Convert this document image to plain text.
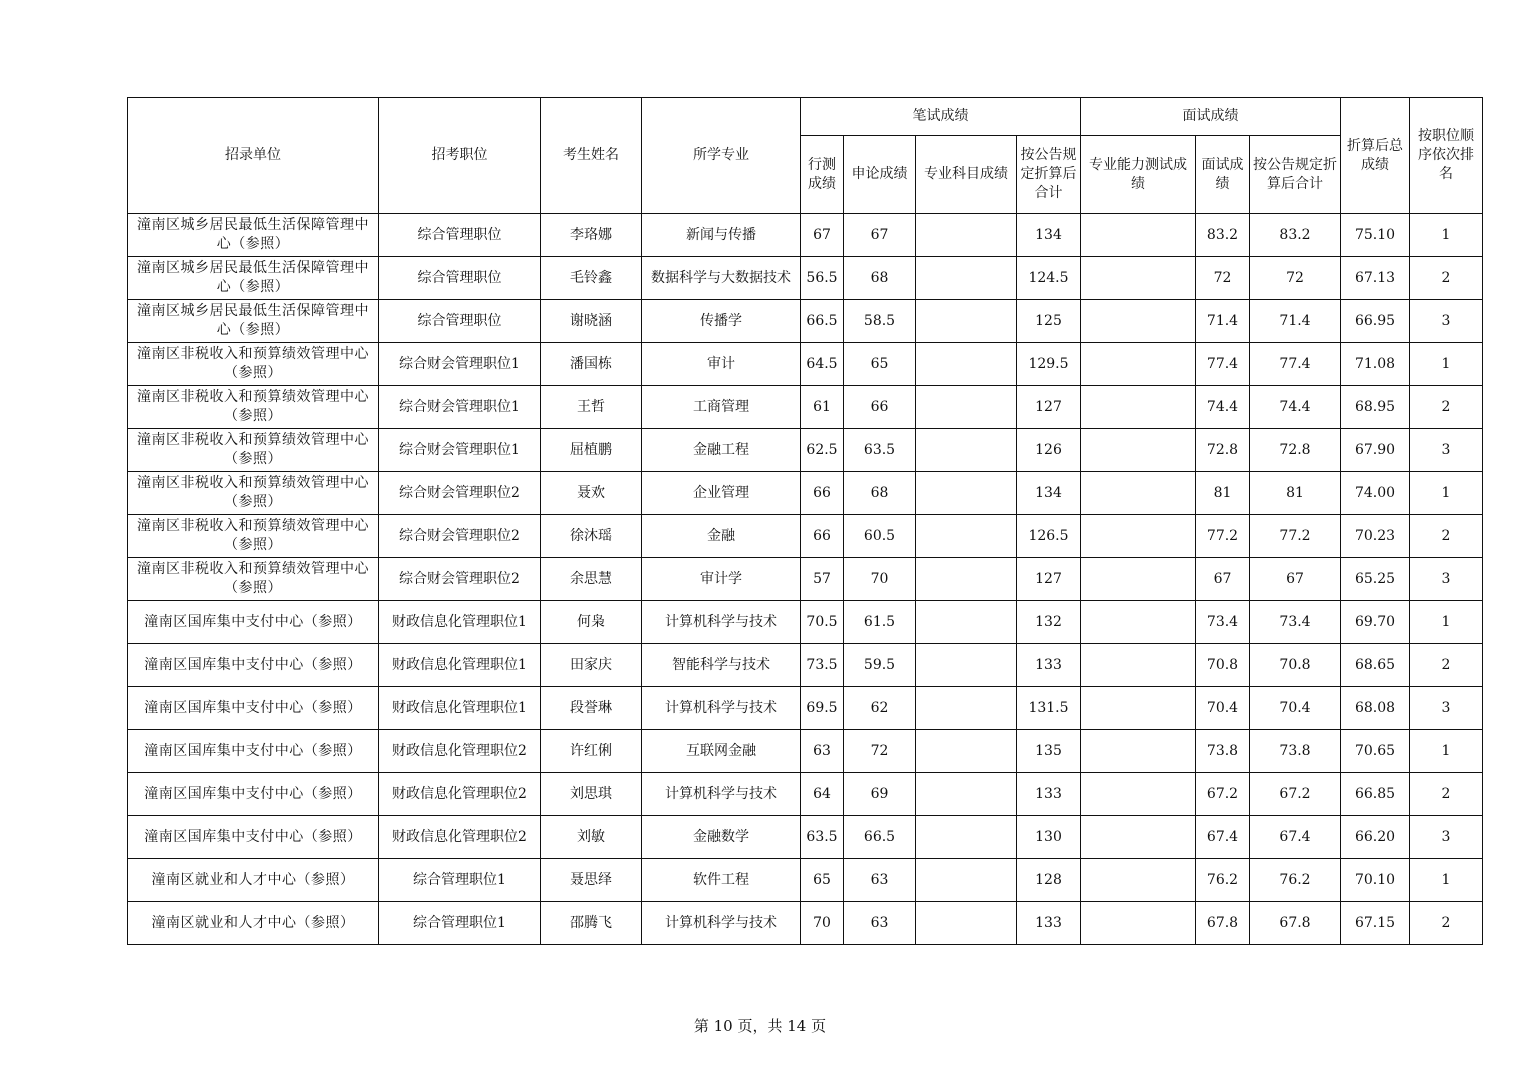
招录单位	招考职位	考生姓名	所学专业	笔试成绩				面试成绩			折算后总成绩	按职位顺序依次排名
				行测成绩	申论成绩	专业科目成绩	按公告规定折算后合计	专业能力测试成绩	面试成绩	按公告规定折算后合计		
潼南区城乡居民最低生活保障管理中心（参照）	综合管理职位	李珞娜	新闻与传播	67	67		134		83.2	83.2	75.10	1
潼南区城乡居民最低生活保障管理中心（参照）	综合管理职位	毛铃鑫	数据科学与大数据技术	56.5	68		124.5		72	72	67.13	2
潼南区城乡居民最低生活保障管理中心（参照）	综合管理职位	谢晓涵	传播学	66.5	58.5		125		71.4	71.4	66.95	3
潼南区非税收入和预算绩效管理中心（参照）	综合财会管理职位1	潘国栋	审计	64.5	65		129.5		77.4	77.4	71.08	1
潼南区非税收入和预算绩效管理中心（参照）	综合财会管理职位1	王哲	工商管理	61	66		127		74.4	74.4	68.95	2
潼南区非税收入和预算绩效管理中心（参照）	综合财会管理职位1	屈植鹏	金融工程	62.5	63.5		126		72.8	72.8	67.90	3
潼南区非税收入和预算绩效管理中心（参照）	综合财会管理职位2	聂欢	企业管理	66	68		134		81	81	74.00	1
潼南区非税收入和预算绩效管理中心（参照）	综合财会管理职位2	徐沐瑶	金融	66	60.5		126.5		77.2	77.2	70.23	2
潼南区非税收入和预算绩效管理中心（参照）	综合财会管理职位2	余思慧	审计学	57	70		127		67	67	65.25	3
潼南区国库集中支付中心（参照）	财政信息化管理职位1	何枭	计算机科学与技术	70.5	61.5		132		73.4	73.4	69.70	1
潼南区国库集中支付中心（参照）	财政信息化管理职位1	田家庆	智能科学与技术	73.5	59.5		133		70.8	70.8	68.65	2
潼南区国库集中支付中心（参照）	财政信息化管理职位1	段誉琳	计算机科学与技术	69.5	62		131.5		70.4	70.4	68.08	3
潼南区国库集中支付中心（参照）	财政信息化管理职位2	许红俐	互联网金融	63	72		135		73.8	73.8	70.65	1
潼南区国库集中支付中心（参照）	财政信息化管理职位2	刘思琪	计算机科学与技术	64	69		133		67.2	67.2	66.85	2
潼南区国库集中支付中心（参照）	财政信息化管理职位2	刘敏	金融数学	63.5	66.5		130		67.4	67.4	66.20	3
潼南区就业和人才中心（参照）	综合管理职位1	聂思绎	软件工程	65	63		128		76.2	76.2	70.10	1
潼南区就业和人才中心（参照）	综合管理职位1	邵腾飞	计算机科学与技术	70	63		133		67.8	67.8	67.15	2
第 10 页，共 14 页
